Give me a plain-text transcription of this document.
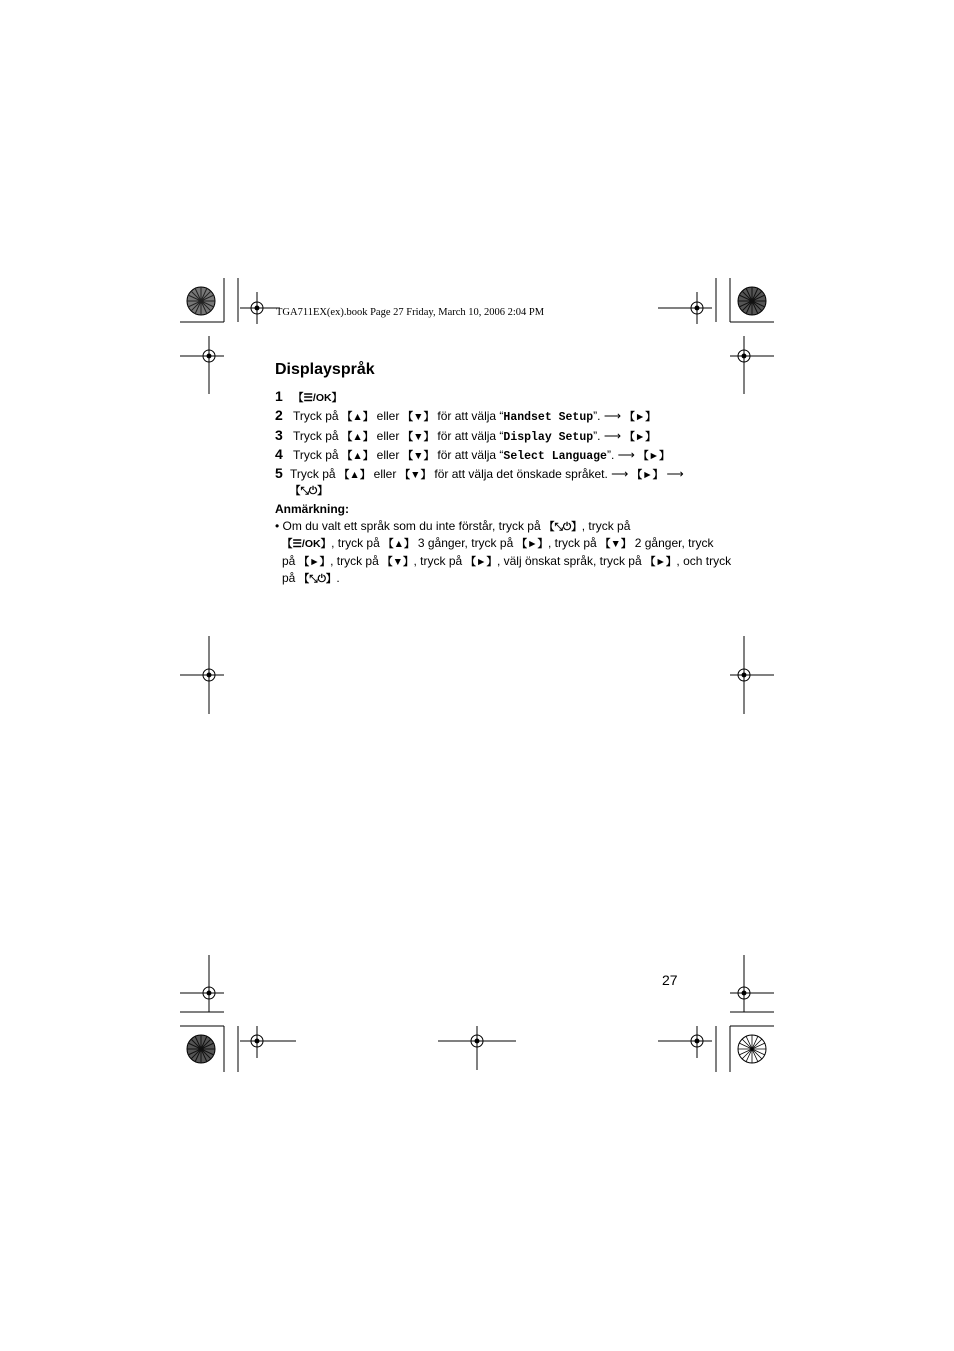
TGA711EX(ex).book Page 27 Friday, March 10, 2006 2:04 PM
Displayspråk
1 【☰/OK】
2 Tryck på 【▲】 eller 【▼】 för att välja “Handset Setup”. ⟶ 【►】
3 Tryck på 【▲】 eller 【▼】 för att välja “Display Setup”. ⟶ 【►】
4 Tryck på 【▲】 eller 【▼】 för att välja “Select Language”. ⟶ 【►】
5 Tryck på 【▲】 eller 【▼】 för att välja det önskade språket. ⟶ 【►】 ⟶
【⤡⏻】
Anmärkning:
• Om du valt ett språk som du inte förstår, tryck på 【⤡⏻】, tryck på
【☰/OK】, tryck på 【▲】 3 gånger, tryck på 【►】, tryck på 【▼】 2 gånger, tryck
på 【►】, tryck på 【▼】, tryck på 【►】, välj önskat språk, tryck på 【►】, och tryck
på 【⤡⏻】.
27
